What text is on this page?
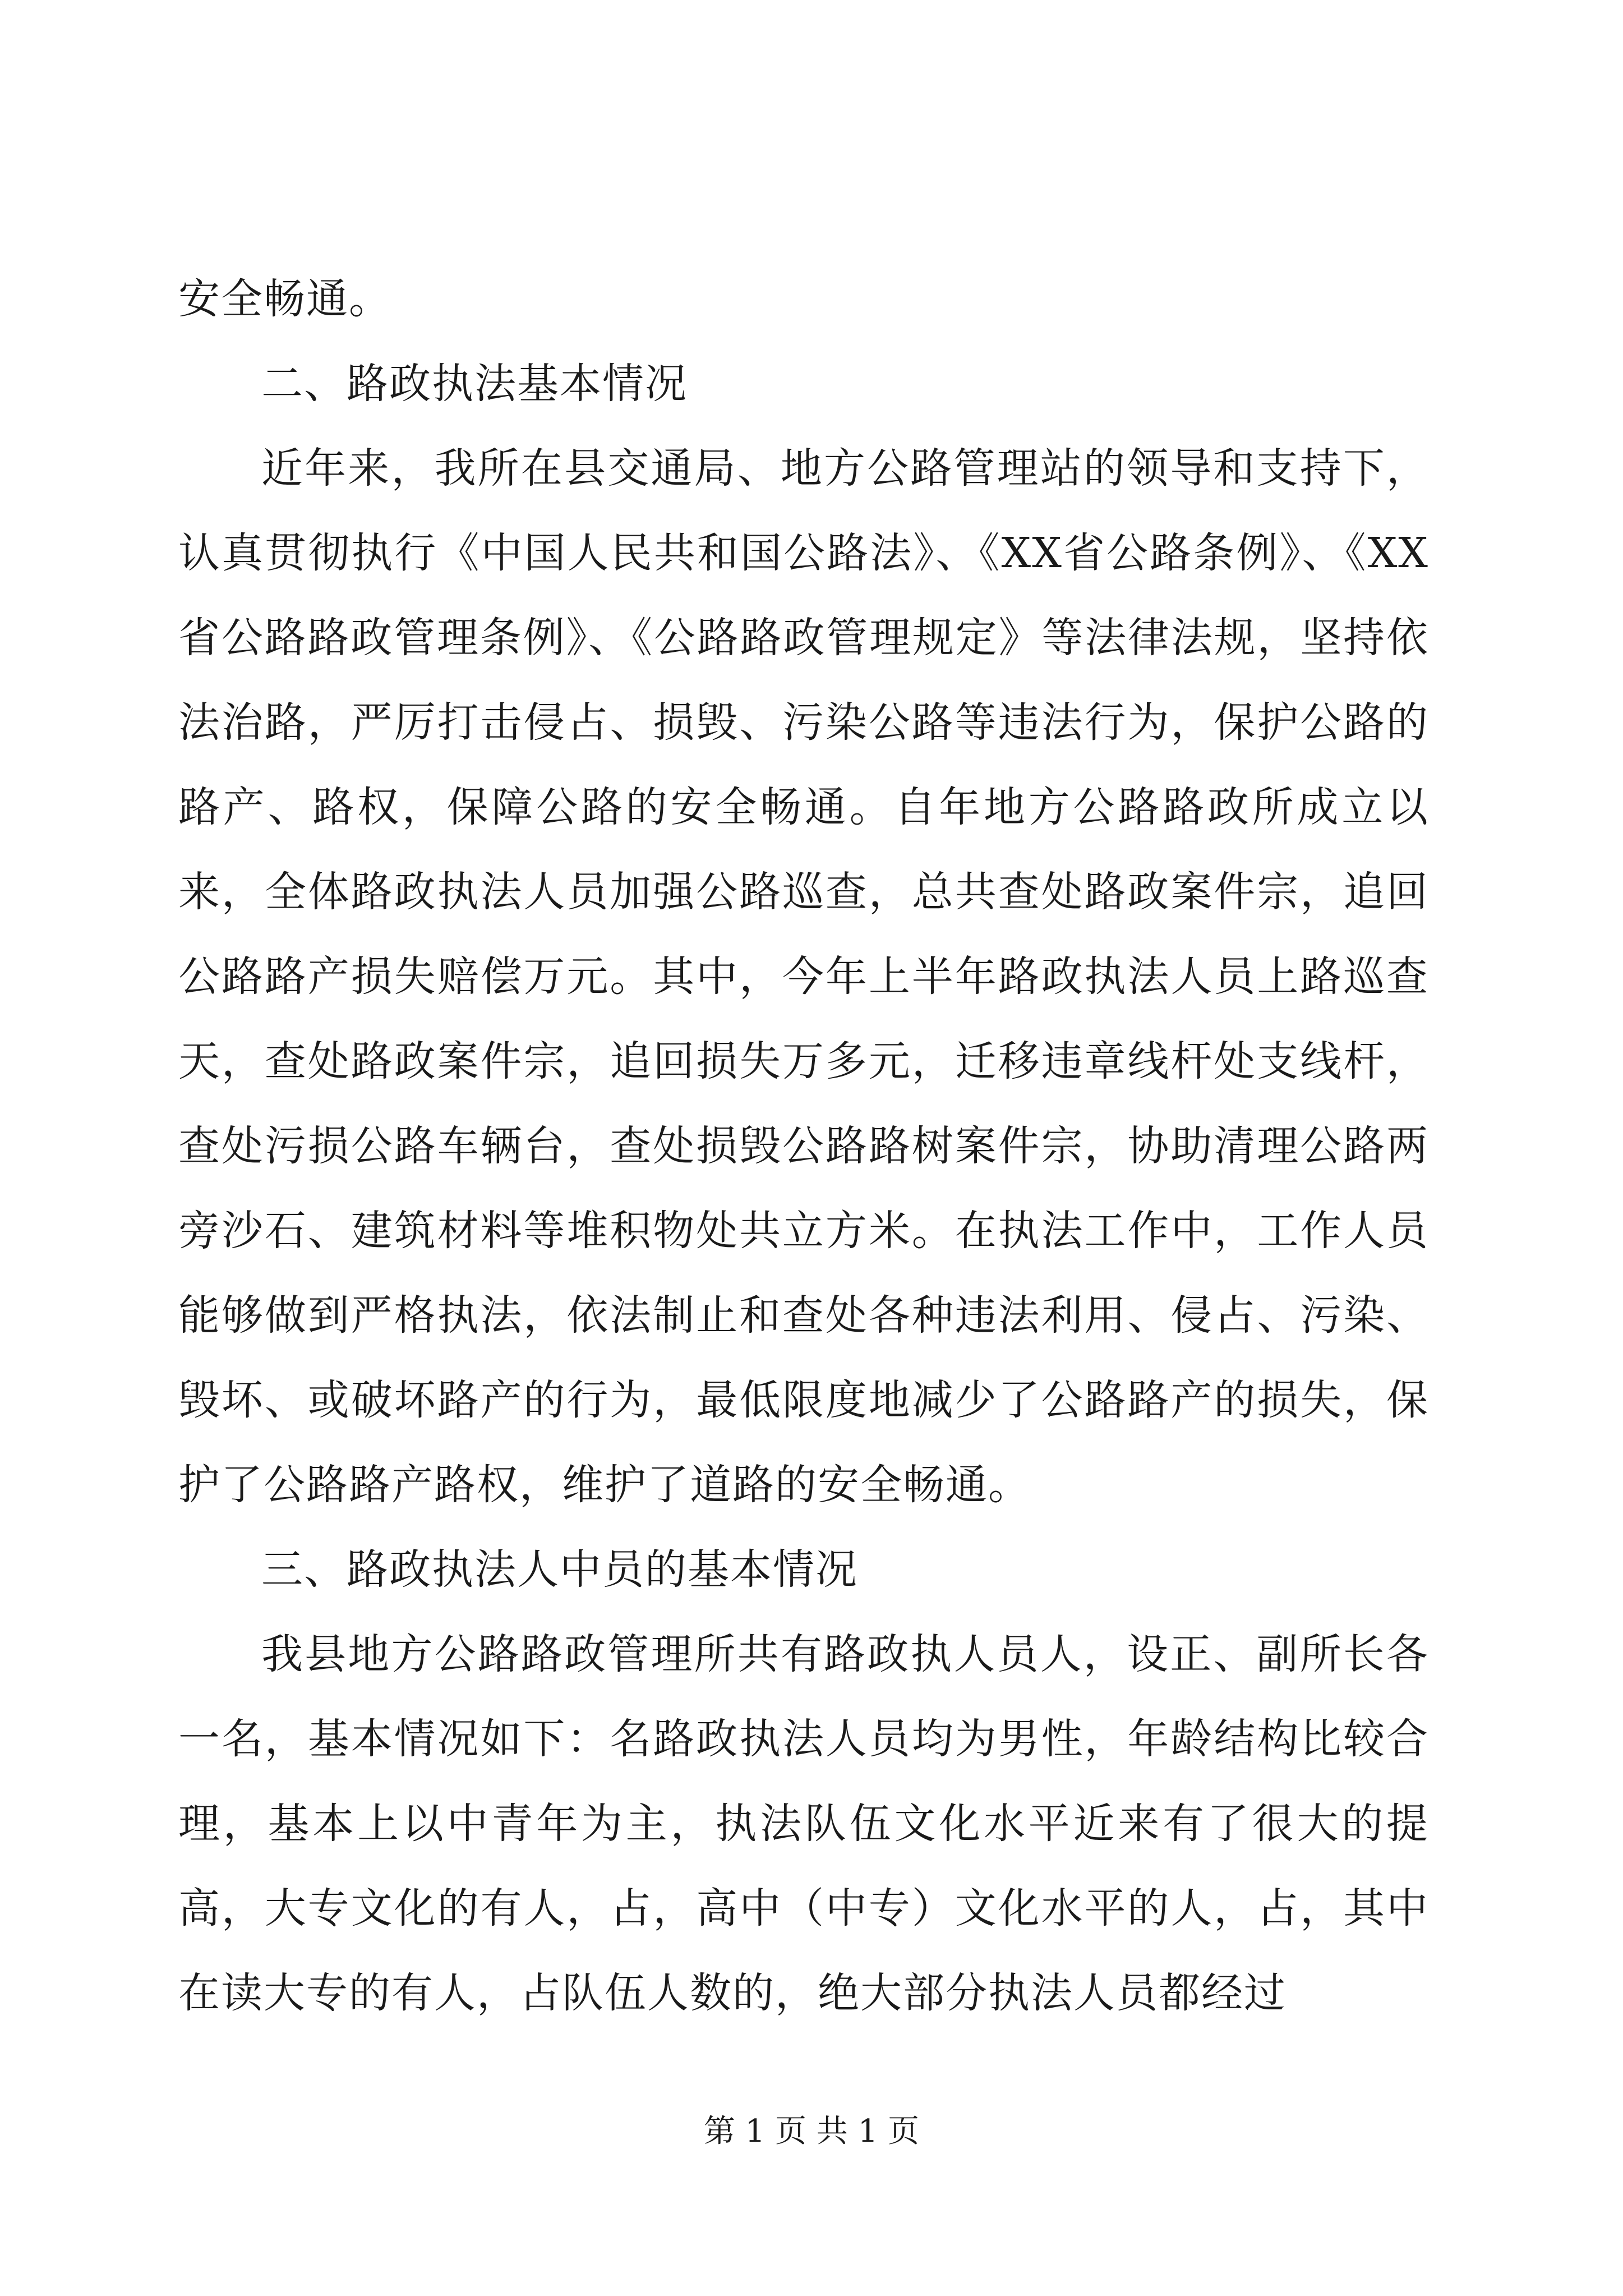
安全畅通。

二、路政执法基本情况

近年来，我所在县交通局、地方公路管理站的领导和支持下，认真贯彻执行《中国人民共和国公路法》、《XX省公路条例》、《XX省公路路政管理条例》、《公路路政管理规定》等法律法规，坚持依法治路，严厉打击侵占、损毁、污染公路等违法行为，保护公路的路产、路权，保障公路的安全畅通。自年地方公路路政所成立以来，全体路政执法人员加强公路巡查，总共查处路政案件宗，追回公路路产损失赔偿万元。其中，今年上半年路政执法人员上路巡查天，查处路政案件宗，追回损失万多元，迁移违章线杆处支线杆，查处污损公路车辆台，查处损毁公路路树案件宗，协助清理公路两旁沙石、建筑材料等堆积物处共立方米。在执法工作中，工作人员能够做到严格执法，依法制止和查处各种违法利用、侵占、污染、毁坏、或破坏路产的行为，最低限度地减少了公路路产的损失，保护了公路路产路权，维护了道路的安全畅通。

三、路政执法人中员的基本情况

我县地方公路路政管理所共有路政执人员人，设正、副所长各一名，基本情况如下：名路政执法人员均为男性，年龄结构比较合理，基本上以中青年为主，执法队伍文化水平近来有了很大的提高，大专文化的有人，占，高中（中专）文化水平的人，占，其中在读大专的有人，占队伍人数的，绝大部分执法人员都经过

第 1 页 共 1 页
